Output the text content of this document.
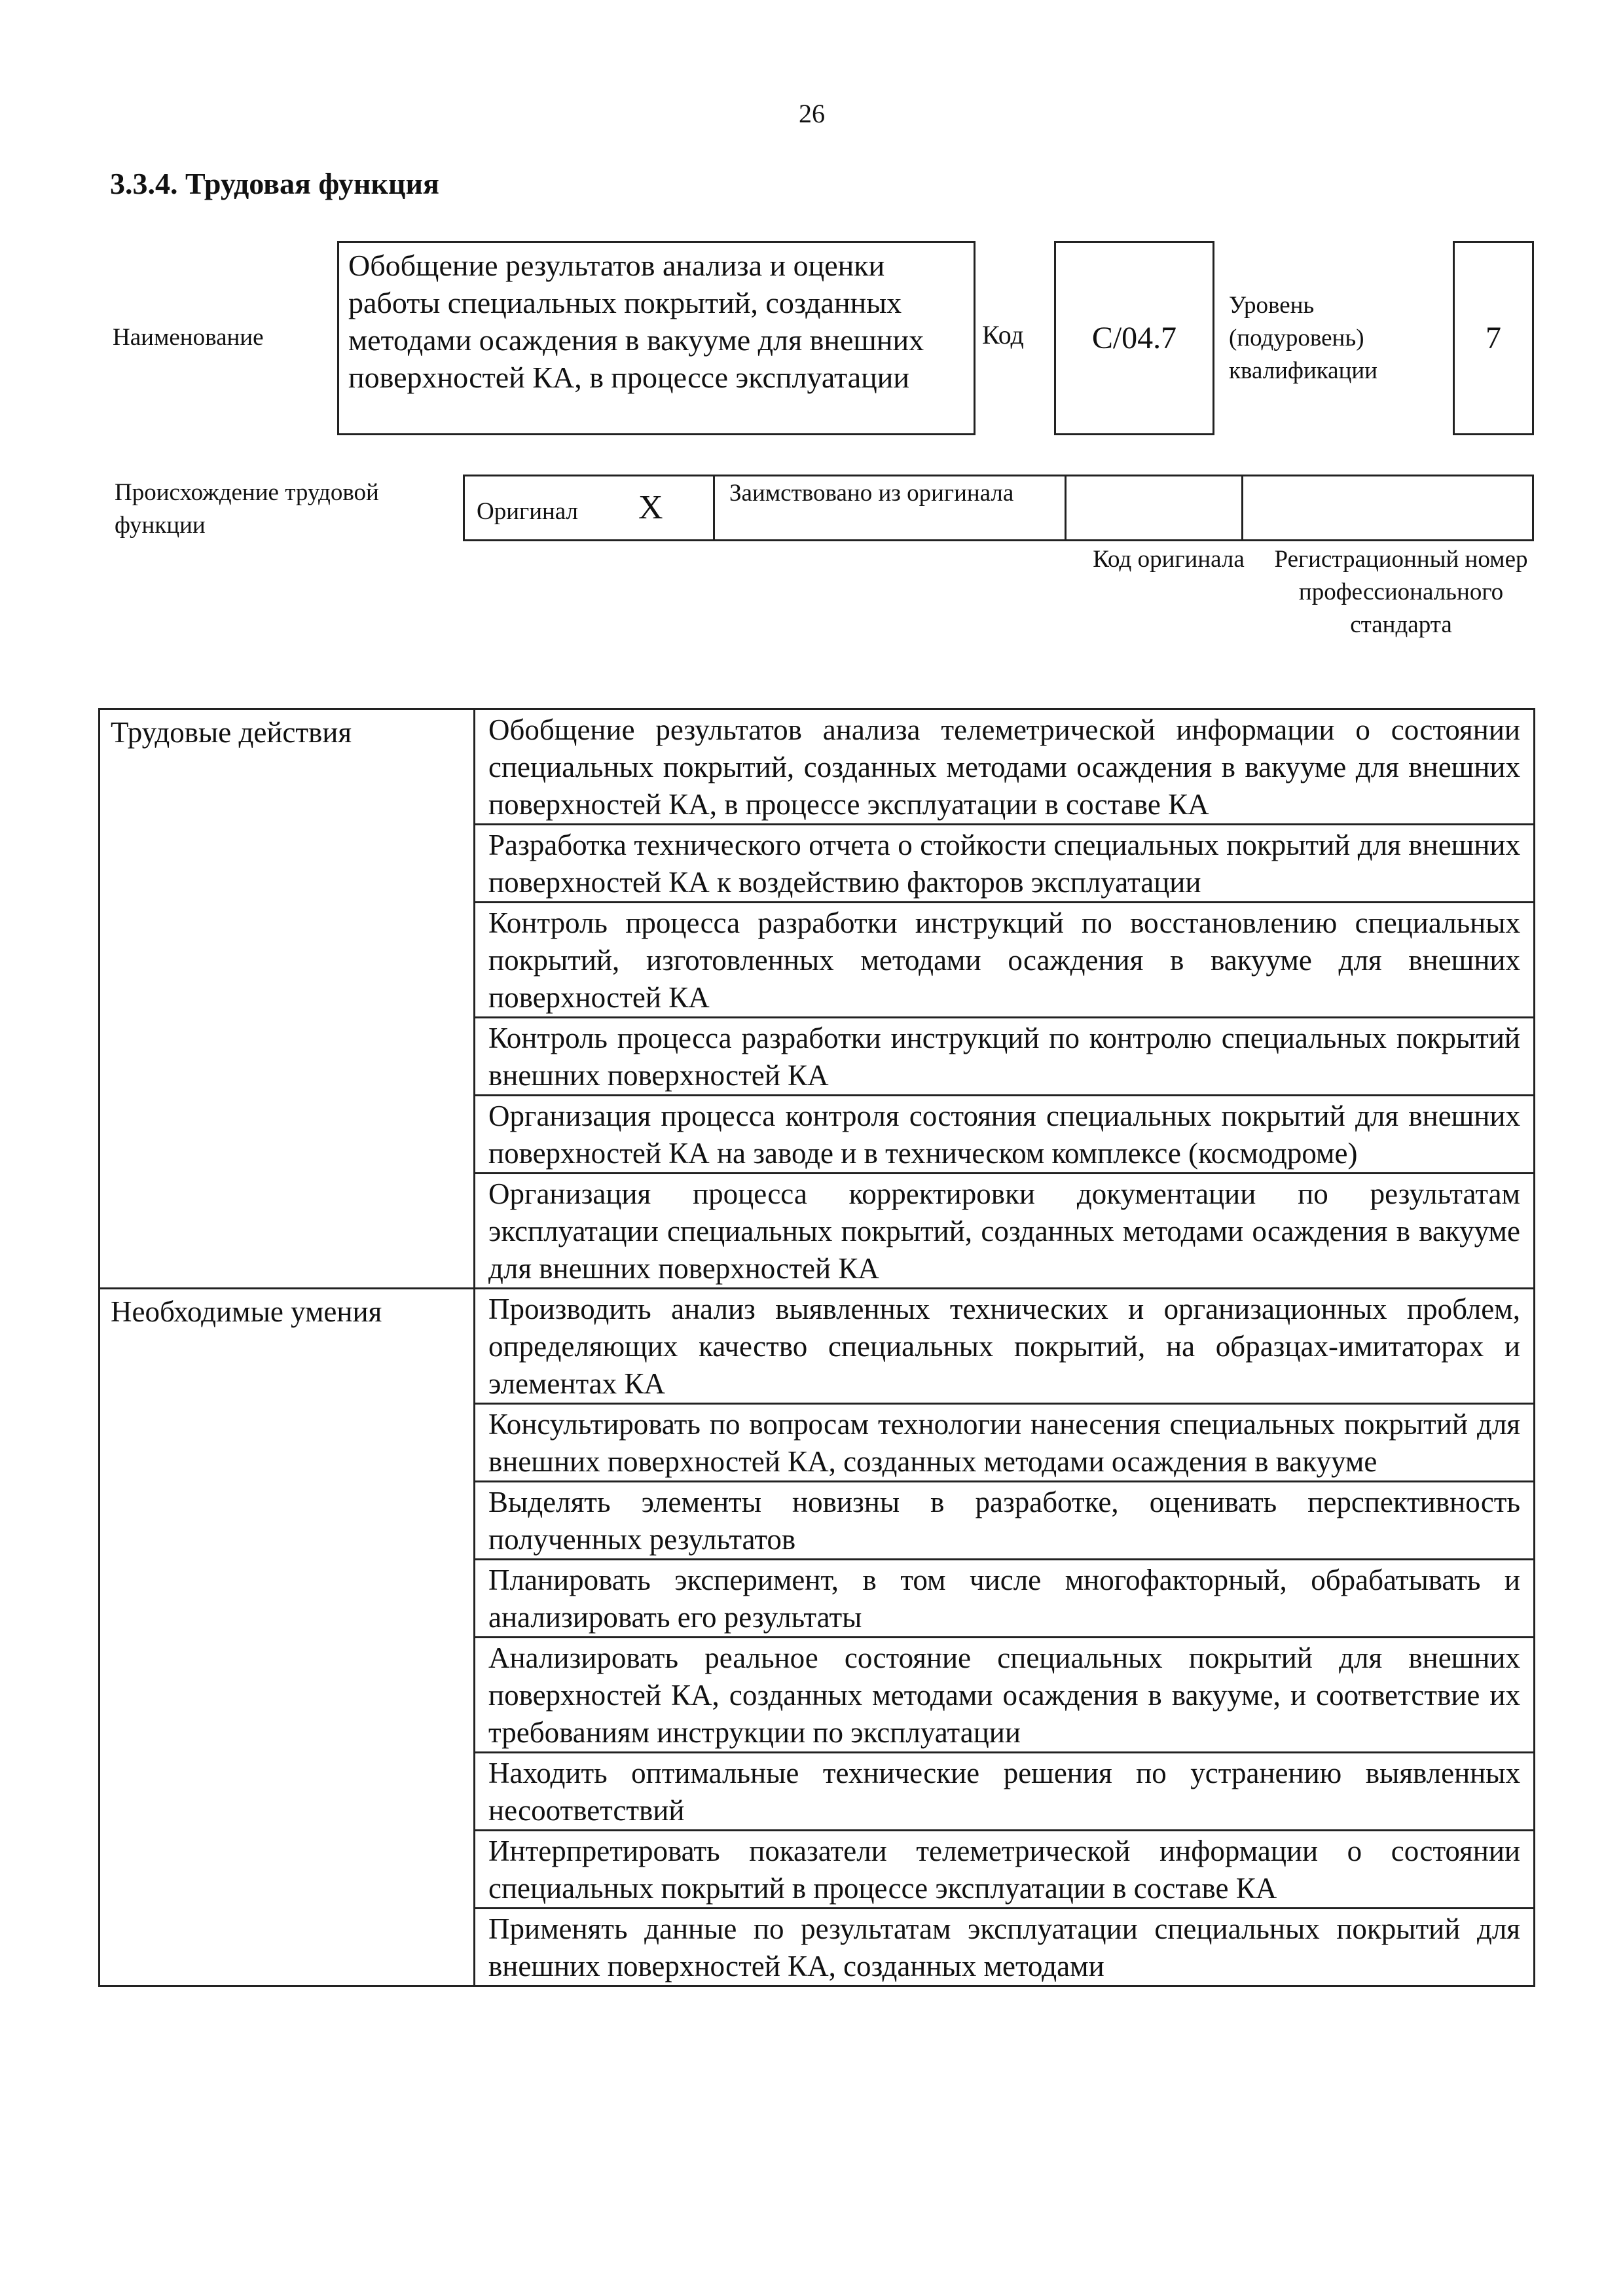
26
3.3.4. Трудовая функция
Наименование
Обобщение результатов анализа и оценки работы специальных покрытий, созданных методами осаждения в вакууме для внешних поверхностей КА, в процессе эксплуатации
Код	С/04.7
Уровень (подуровень) квалификации
7
Происхождение трудовой функции
Оригинал X	Заимствовано из оригинала
Код оригинала	Регистрационный номер профессионального стандарта
Трудовые действия	Обобщение результатов анализа телеметрической информации о состоянии специальных покрытий, созданных методами осаждения в вакууме для внешних поверхностей КА, в процессе эксплуатации в составе КА
	Разработка технического отчета о стойкости специальных покрытий для внешних поверхностей КА к воздействию факторов эксплуатации
	Контроль процесса разработки инструкций по восстановлению специальных покрытий, изготовленных методами осаждения в вакууме для внешних поверхностей КА
	Контроль процесса разработки инструкций по контролю специальных покрытий внешних поверхностей КА
	Организация процесса контроля состояния специальных покрытий для внешних поверхностей КА на заводе и в техническом комплексе (космодроме)
	Организация процесса корректировки документации по результатам эксплуатации специальных покрытий, созданных методами осаждения в вакууме для внешних поверхностей КА
Необходимые умения	Производить анализ выявленных технических и организационных проблем, определяющих качество специальных покрытий, на образцах-имитаторах и элементах КА
	Консультировать по вопросам технологии нанесения специальных покрытий для внешних поверхностей КА, созданных методами осаждения в вакууме
	Выделять элементы новизны в разработке, оценивать перспективность полученных результатов
	Планировать эксперимент, в том числе многофакторный, обрабатывать и анализировать его результаты
	Анализировать реальное состояние специальных покрытий для внешних поверхностей КА, созданных методами осаждения в вакууме, и соответствие их требованиям инструкции по эксплуатации
	Находить оптимальные технические решения по устранению выявленных несоответствий
	Интерпретировать показатели телеметрической информации о состоянии специальных покрытий в процессе эксплуатации в составе КА
	Применять данные по результатам эксплуатации специальных покрытий для внешних поверхностей КА, созданных методами
